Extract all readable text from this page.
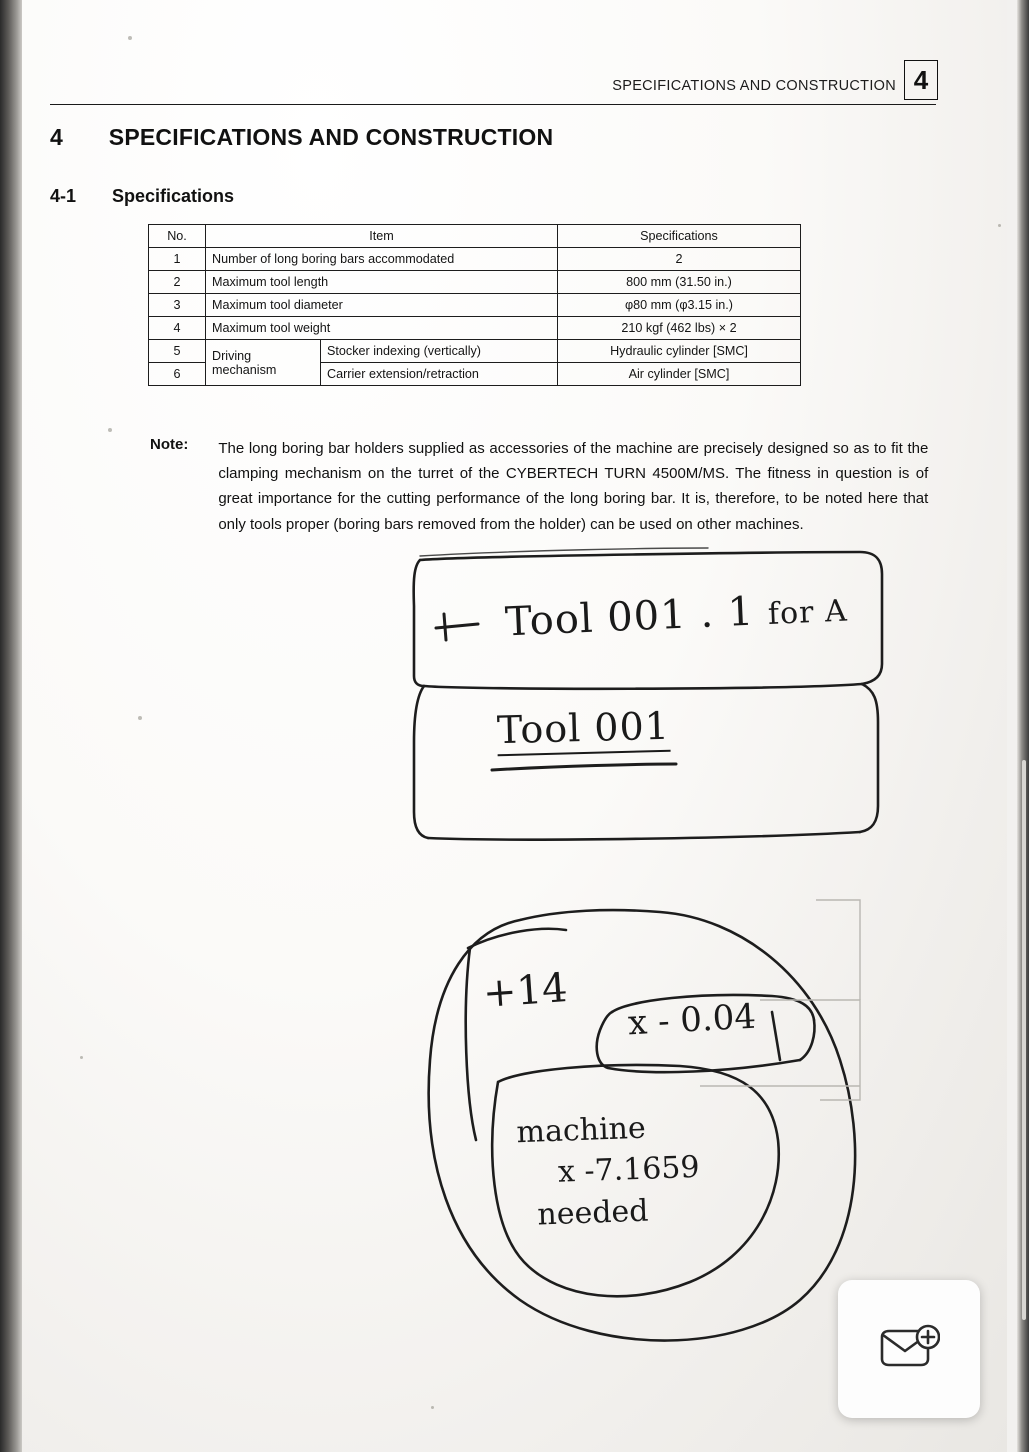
SPECIFICATIONS AND CONSTRUCTION 4
4 SPECIFICATIONS AND CONSTRUCTION
4-1 Specifications
No.	Item		Specifications
1	Number of long boring bars accommodated		2
2	Maximum tool length		800 mm (31.50 in.)
3	Maximum tool diameter		φ80 mm (φ3.15 in.)
4	Maximum tool weight		210 kgf (462 lbs) × 2
5	Driving mechanism	Stocker indexing (vertically)	Hydraulic cylinder [SMC]
6		Carrier extension/retraction	Air cylinder [SMC]
Note: The long boring bar holders supplied as accessories of the machine are precisely designed so as to fit the clamping mechanism on the turret of the CYBERTECH TURN 4500M/MS. The fitness in question is of great importance for the cutting performance of the long boring bar. It is, therefore, to be noted here that only tools proper (boring bars removed from the holder) can be used on other machines.
Tool 001 . 1 for A
Tool 001
+14
x - 0.04
machine
x -7.1659
needed
